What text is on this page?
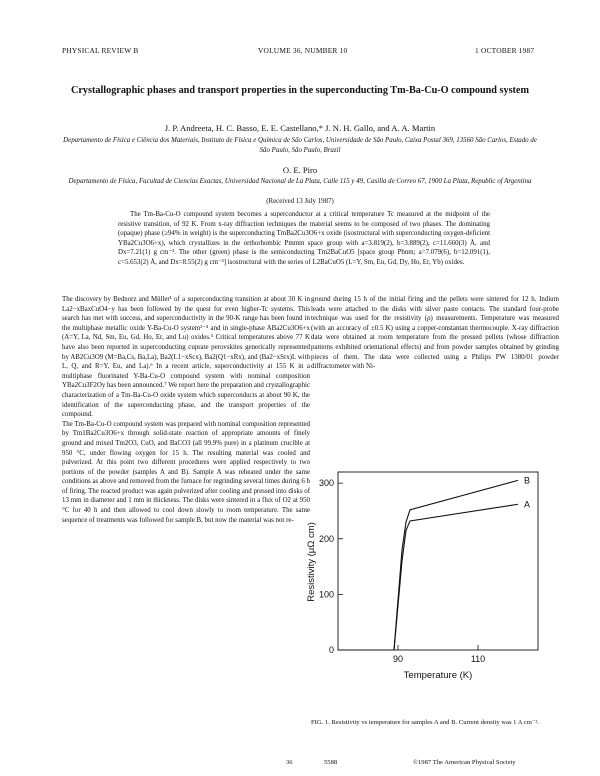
PHYSICAL REVIEW B	VOLUME 36, NUMBER 10	1 OCTOBER 1987
Crystallographic phases and transport properties in the superconducting Tm-Ba-Cu-O compound system
J. P. Andreeta, H. C. Basso, E. E. Castellano,* J. N. H. Gallo, and A. A. Martin
Departamento de Física e Ciência dos Materiais, Instituto de Física e Química de São Carlos, Universidade de São Paulo, Caixa Postal 369, 13560 São Carlos, Estado de São Paulo, São Paulo, Brazil
O. E. Piro
Departamento de Física, Facultad de Ciencias Exactas, Universidad Nacional de La Plata, Calle 115 y 49, Casilla de Correo 67, 1900 La Plata, Republic of Argentina
(Received 13 July 1987)
The Tm-Ba-Cu-O compound system becomes a superconductor at a critical temperature Tc measured at the midpoint of the resistive transition, of 92 K. From x-ray diffraction techniques the material seems to be composed of two phases. The dominating (opaque) phase (≥94% in weight) is the superconducting TmBa2Cu3O6+x oxide (isostructural with superconducting oxygen-deficient YBa2Cu3O6+x), which crystallizes in the orthorhombic Pmmm space group with a=3.819(2), b=3.889(2), c=11.660(3) Å, and Dx=7.21(1) g cm⁻³. The other (green) phase is the semiconducting Tm2BaCuO5 [space group Pbnm; a=7.079(6), b=12.091(1), c=5.653(2) Å, and Dx=8.55(2) g cm⁻³] isostructural with the series of L2BaCuO5 (L=Y, Sm, Eu, Gd, Dy, Ho, Er, Yb) oxides.
The discovery by Bednorz and Müller¹ of a superconducting transition at about 30 K in La2−xBaxCuO4−y has been followed by the quest for even higher-Tc systems. This search has met with success, and superconductivity in the 90-K range has been found in the multiphase metallic oxide Y-Ba-Cu-O system²⁻⁴ and in single-phase ABa2Cu3O6+x (A=Y, La, Nd, Sm, Eu, Gd, Ho, Er, and Lu) oxides.⁵ Critical temperatures above 77 K have also been reported in superconducting cuprate perovskites generically represented by AB2Cu3O9 (M=Ba,Cs, Ba,La), Ba2(L1−xScx), Ba2(Q1−xRx), and (Ba2−xSrx)L with L, Q, and R=Y, Eu, and La).⁶ In a recent article, superconductivity at 155 K in a multiphase fluorinated Y-Ba-Cu-O compound system with nominal composition YBa2Cu3F2Oy has been announced.⁷ We report here the preparation and crystallographic characterization of a Tm-Ba-Cu-O oxide system which superconducts at about 90 K, the identification of the superconducting phase, and the transport properties of the compound.
The Tm-Ba-Cu-O compound system was prepared with nominal composition represented by Tm1Ba2Cu3O6+x through solid-state reaction of appropriate amounts of finely ground and mixed Tm2O3, CuO, and BaCO3 (all 99.9% pure) in a platinum crucible at 950 °C, under flowing oxygen for 15 h. The resulting material was cooled and pulverized. At this point two different procedures were applied respectively to two portions of the powder (samples A and B). Sample A was reheated under the same conditions as above and removed from the furnace for regrinding several times during 6 h of firing. The reacted product was again pulverized after cooling and pressed into disks of 13 mm in diameter and 1 mm in thickness. The disks were sintered in a flux of O2 at 950 °C for 40 h and then allowed to cool down slowly to room temperature. The same sequence of treatments was followed for sample B, but now the material was not re-
ground during 15 h of the initial firing and the pellets were sintered for 12 h. Indium leads were attached to the disks with silver paste contacts. The standard four-probe technique was used for the resistivity (ρ) measurements. Temperature was measured (with an accuracy of ±0.5 K) using a copper-constantan thermocouple. X-ray diffraction data were obtained at room temperature from the pressed pellets (whose diffraction patterns exhibited orientational effects) and from powder samples obtained by grinding pieces of them. The data were collected using a Philips PW 1380/01 powder diffractometer with Ni-
0
100
200
300
90	110
B
A
Temperature (K)
Resistivity (μΩ cm)
FIG. 1. Resistivity vs temperature for samples A and B. Current density was 1 A cm⁻².
36	5588	©1987 The American Physical Society
